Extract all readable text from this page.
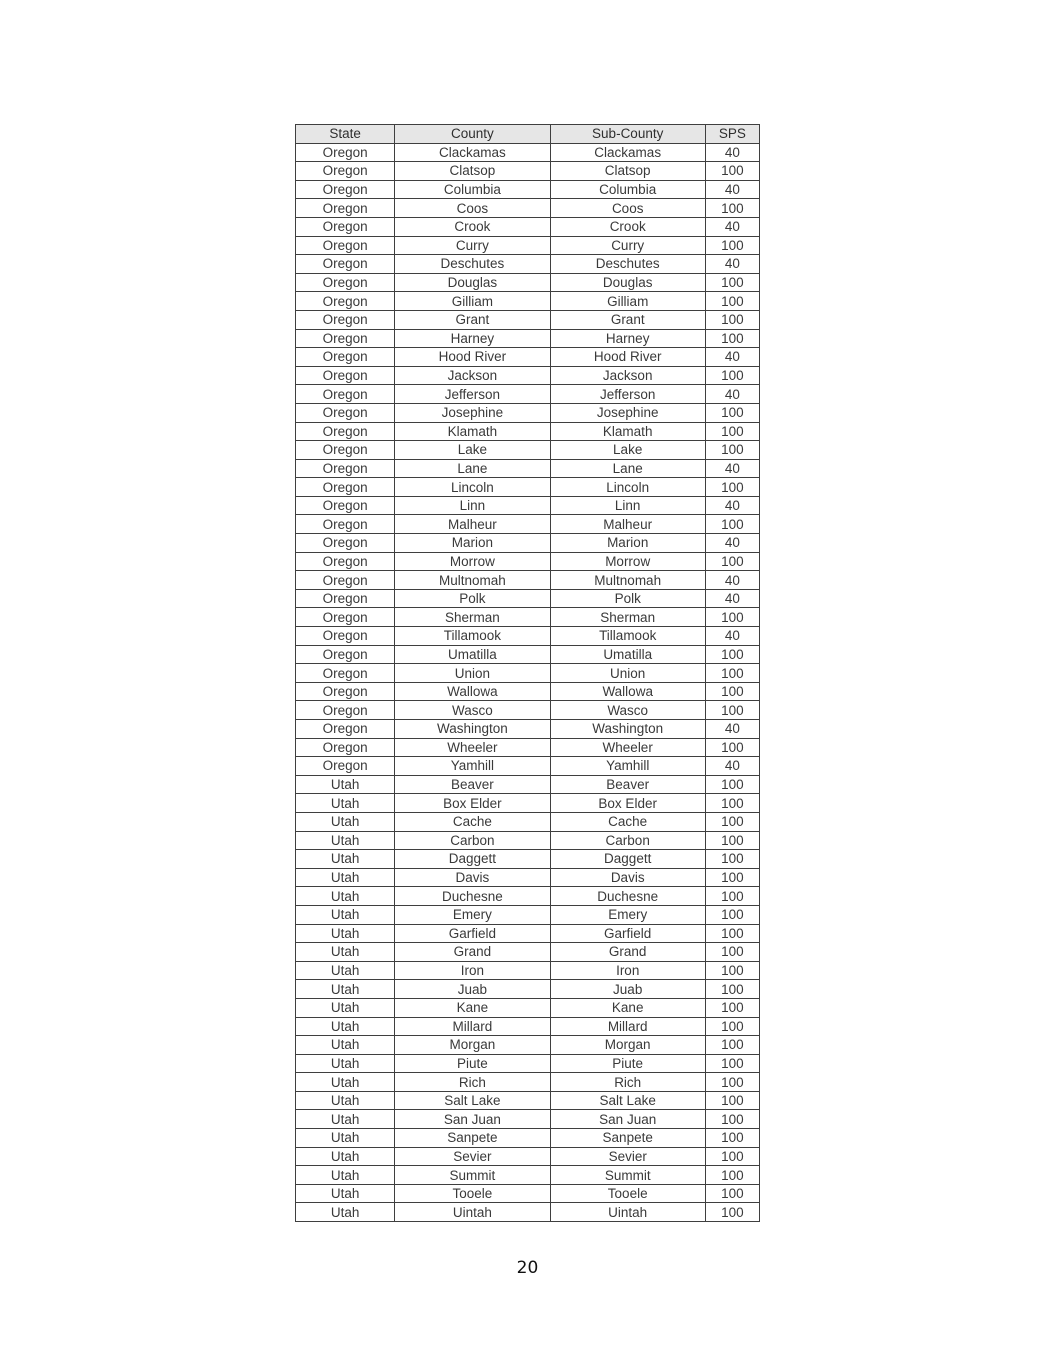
State	County	Sub-County	SPS
Oregon	Clackamas	Clackamas	40
Oregon	Clatsop	Clatsop	100
Oregon	Columbia	Columbia	40
Oregon	Coos	Coos	100
Oregon	Crook	Crook	40
Oregon	Curry	Curry	100
Oregon	Deschutes	Deschutes	40
Oregon	Douglas	Douglas	100
Oregon	Gilliam	Gilliam	100
Oregon	Grant	Grant	100
Oregon	Harney	Harney	100
Oregon	Hood River	Hood River	40
Oregon	Jackson	Jackson	100
Oregon	Jefferson	Jefferson	40
Oregon	Josephine	Josephine	100
Oregon	Klamath	Klamath	100
Oregon	Lake	Lake	100
Oregon	Lane	Lane	40
Oregon	Lincoln	Lincoln	100
Oregon	Linn	Linn	40
Oregon	Malheur	Malheur	100
Oregon	Marion	Marion	40
Oregon	Morrow	Morrow	100
Oregon	Multnomah	Multnomah	40
Oregon	Polk	Polk	40
Oregon	Sherman	Sherman	100
Oregon	Tillamook	Tillamook	40
Oregon	Umatilla	Umatilla	100
Oregon	Union	Union	100
Oregon	Wallowa	Wallowa	100
Oregon	Wasco	Wasco	100
Oregon	Washington	Washington	40
Oregon	Wheeler	Wheeler	100
Oregon	Yamhill	Yamhill	40
Utah	Beaver	Beaver	100
Utah	Box Elder	Box Elder	100
Utah	Cache	Cache	100
Utah	Carbon	Carbon	100
Utah	Daggett	Daggett	100
Utah	Davis	Davis	100
Utah	Duchesne	Duchesne	100
Utah	Emery	Emery	100
Utah	Garfield	Garfield	100
Utah	Grand	Grand	100
Utah	Iron	Iron	100
Utah	Juab	Juab	100
Utah	Kane	Kane	100
Utah	Millard	Millard	100
Utah	Morgan	Morgan	100
Utah	Piute	Piute	100
Utah	Rich	Rich	100
Utah	Salt Lake	Salt Lake	100
Utah	San Juan	San Juan	100
Utah	Sanpete	Sanpete	100
Utah	Sevier	Sevier	100
Utah	Summit	Summit	100
Utah	Tooele	Tooele	100
Utah	Uintah	Uintah	100
20
